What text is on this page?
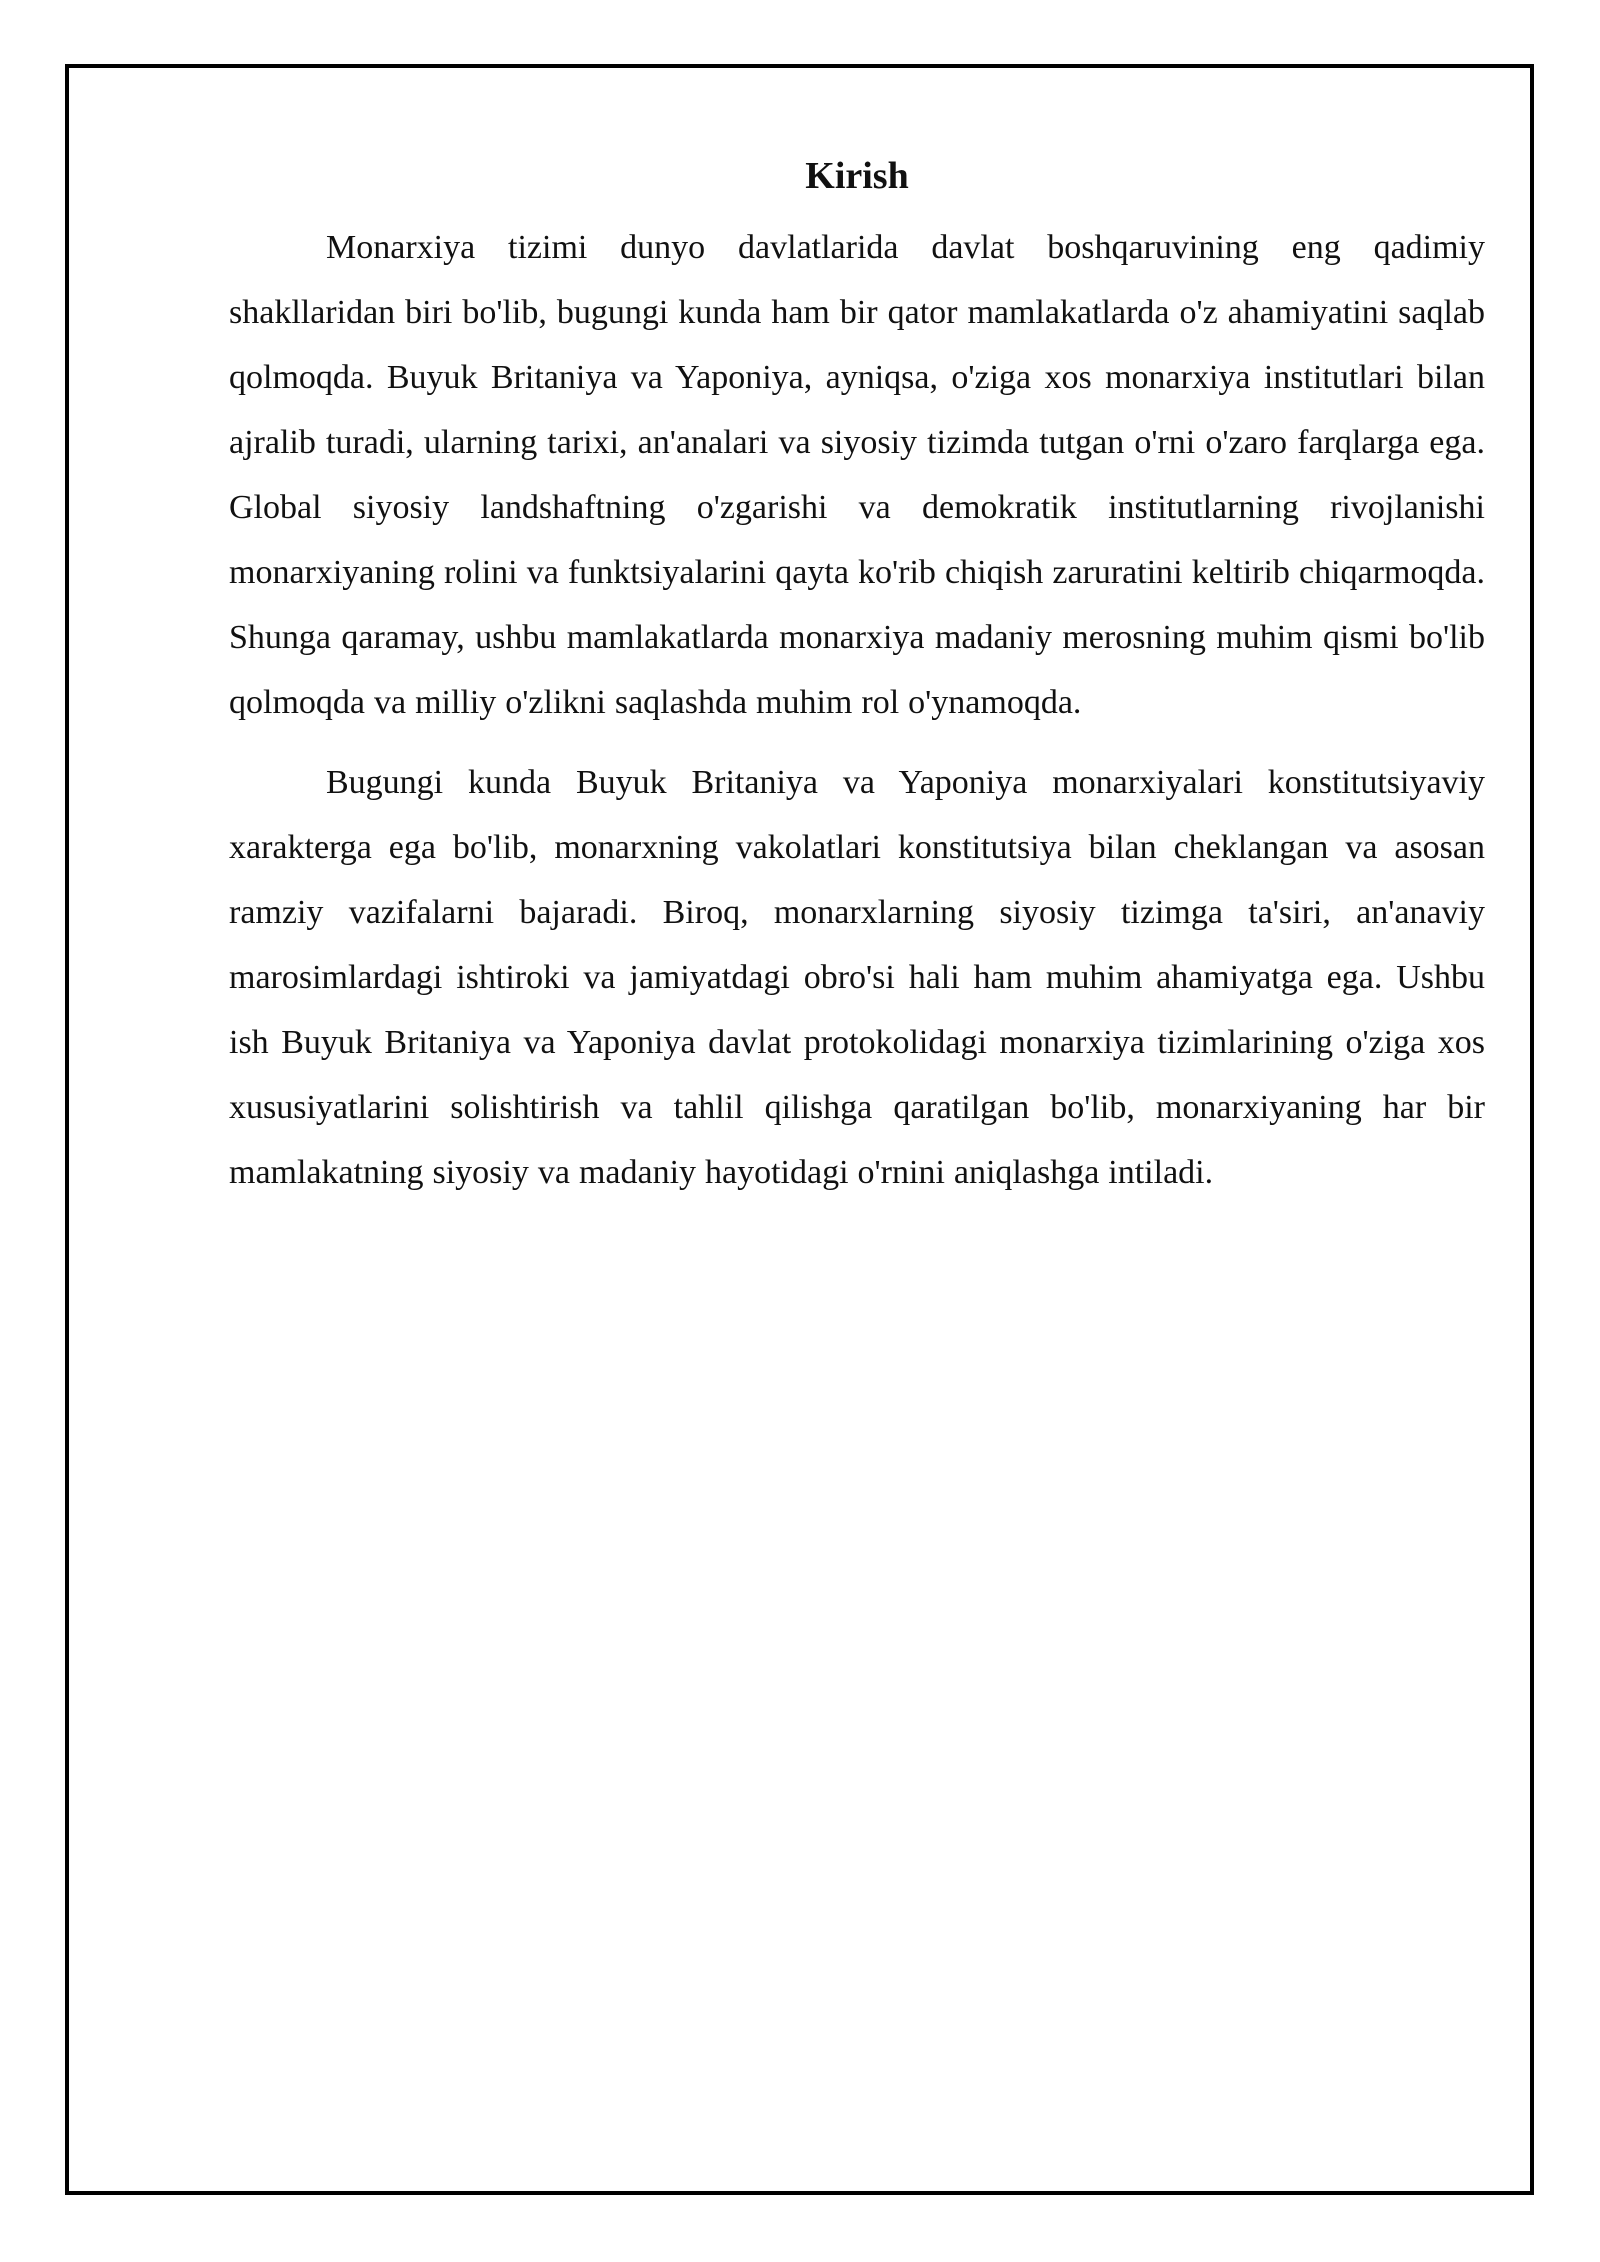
Kirish

Monarxiya tizimi dunyo davlatlarida davlat boshqaruvining eng qadimiy shakllaridan biri bo'lib, bugungi kunda ham bir qator mamlakatlarda o'z ahamiyatini saqlab qolmoqda. Buyuk Britaniya va Yaponiya, ayniqsa, o'ziga xos monarxiya institutlari bilan ajralib turadi, ularning tarixi, an'analari va siyosiy tizimda tutgan o'rni o'zaro farqlarga ega. Global siyosiy landshaftning o'zgarishi va demokratik institutlarning rivojlanishi monarxiyaning rolini va funktsiyalarini qayta ko'rib chiqish zaruratini keltirib chiqarmoqda. Shunga qaramay, ushbu mamlakatlarda monarxiya madaniy merosning muhim qismi bo'lib qolmoqda va milliy o'zlikni saqlashda muhim rol o'ynamoqda.

Bugungi kunda Buyuk Britaniya va Yaponiya monarxiyalari konstitutsiyaviy xarakterga ega bo'lib, monarxning vakolatlari konstitutsiya bilan cheklangan va asosan ramziy vazifalarni bajaradi. Biroq, monarxlarning siyosiy tizimga ta'siri, an'anaviy marosimlardagi ishtiroki va jamiyatdagi obro'si hali ham muhim ahamiyatga ega. Ushbu ish Buyuk Britaniya va Yaponiya davlat protokolidagi monarxiya tizimlarining o'ziga xos xususiyatlarini solishtirish va tahlil qilishga qaratilgan bo'lib, monarxiyaning har bir mamlakatning siyosiy va madaniy hayotidagi o'rnini aniqlashga intiladi.
